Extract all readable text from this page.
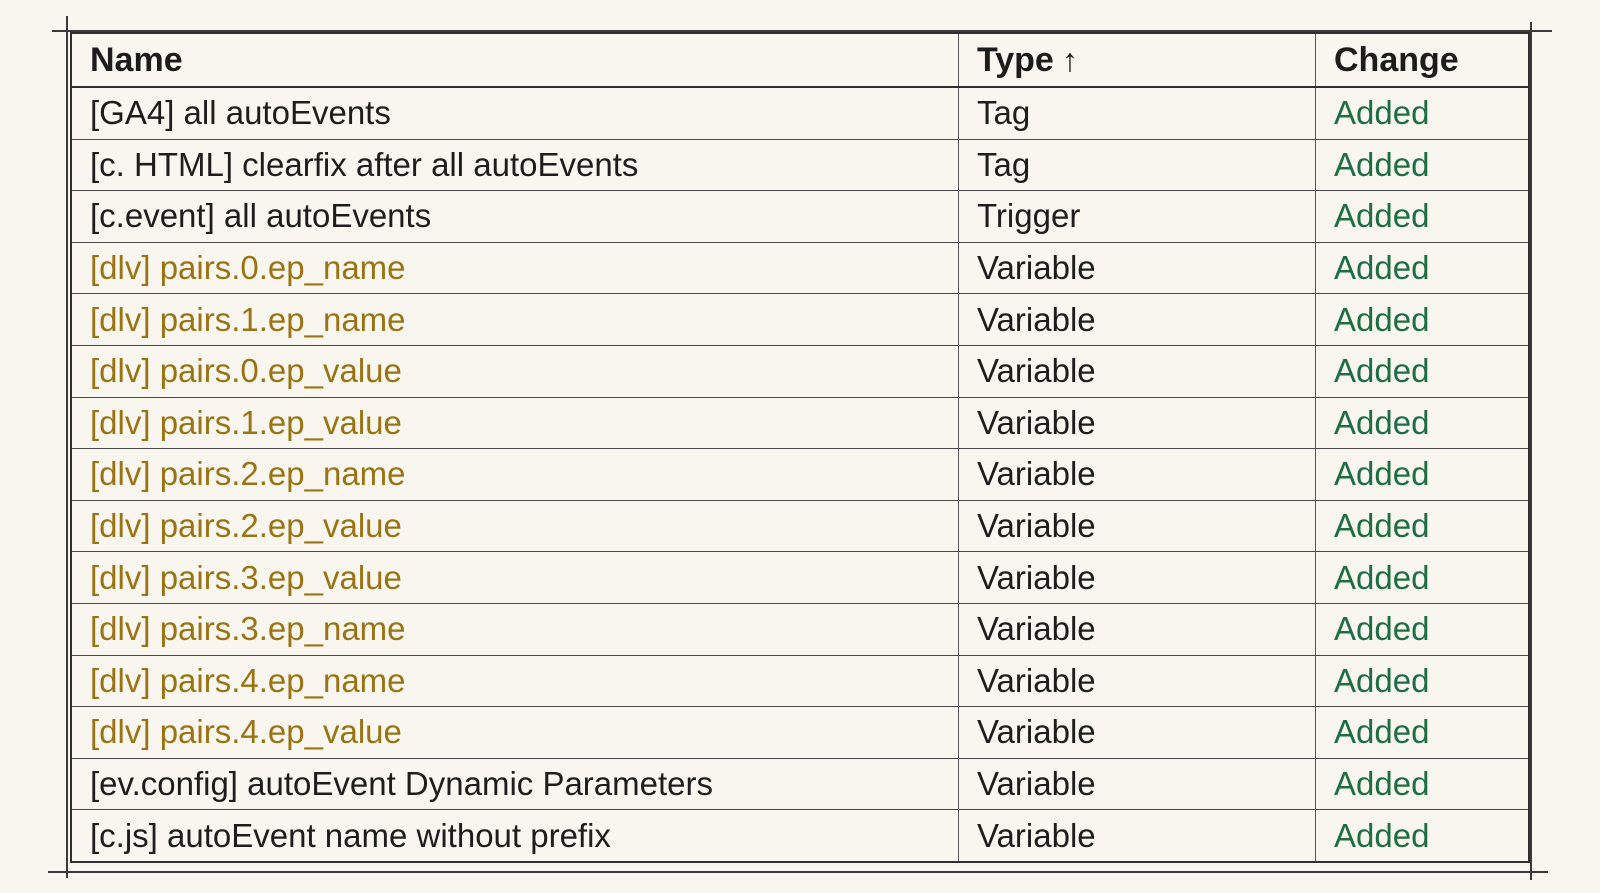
Name	Type ↑	Change
[GA4] all autoEvents	Tag	Added
[c. HTML] clearfix after all autoEvents	Tag	Added
[c.event] all autoEvents	Trigger	Added
[dlv] pairs.0.ep_name	Variable	Added
[dlv] pairs.1.ep_name	Variable	Added
[dlv] pairs.0.ep_value	Variable	Added
[dlv] pairs.1.ep_value	Variable	Added
[dlv] pairs.2.ep_name	Variable	Added
[dlv] pairs.2.ep_value	Variable	Added
[dlv] pairs.3.ep_value	Variable	Added
[dlv] pairs.3.ep_name	Variable	Added
[dlv] pairs.4.ep_name	Variable	Added
[dlv] pairs.4.ep_value	Variable	Added
[ev.config] autoEvent Dynamic Parameters	Variable	Added
[c.js] autoEvent name without prefix	Variable	Added
